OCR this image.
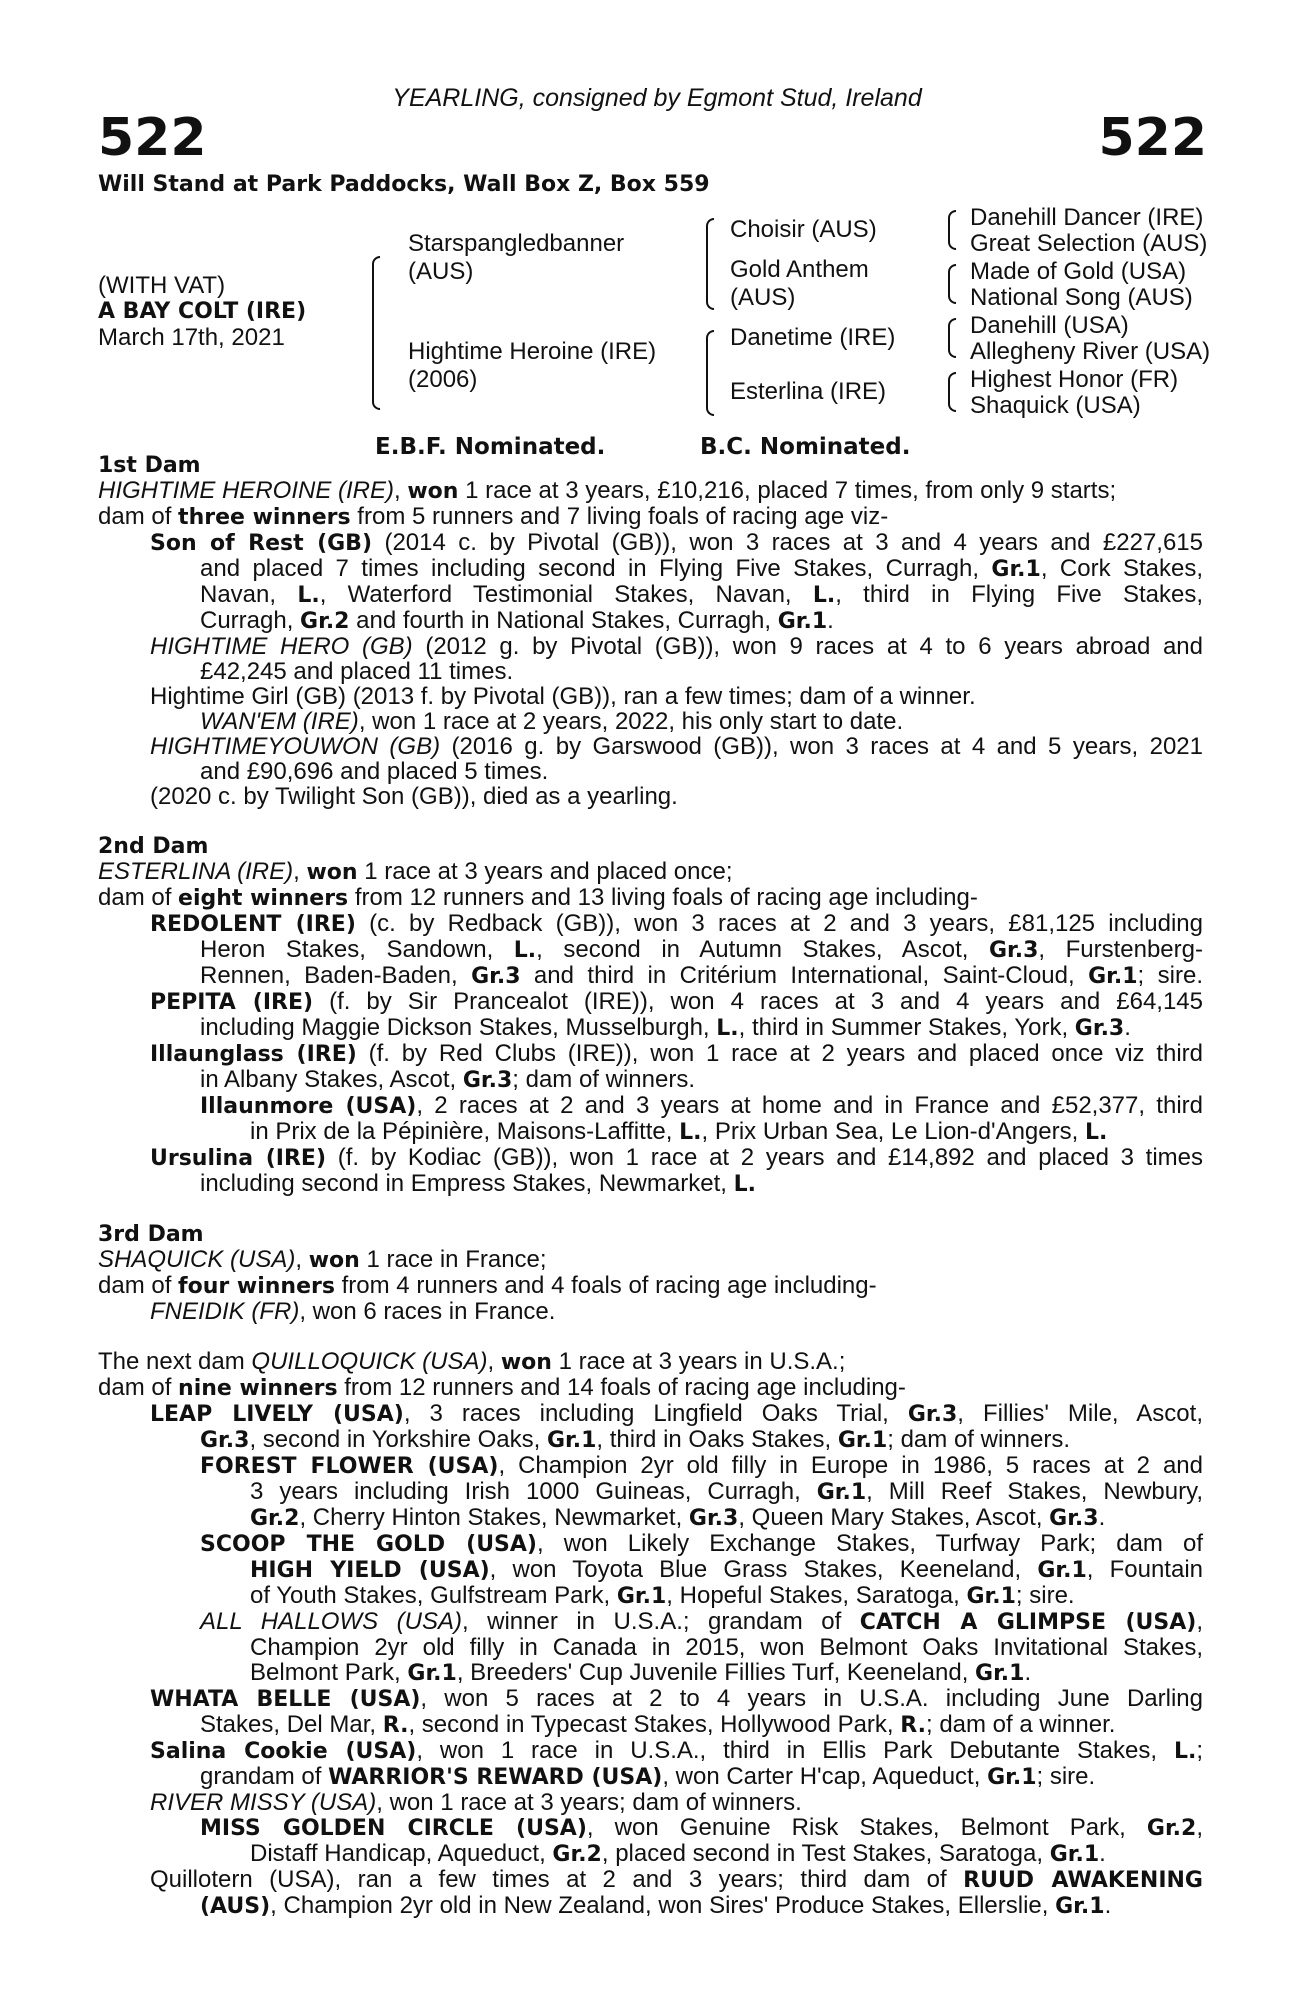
YEARLING, consigned by Egmont Stud, Ireland
522	522
Will Stand at Park Paddocks, Wall Box Z, Box 559
(WITH VAT)
A BAY COLT (IRE)
March 17th, 2021
Starspangledbanner
(AUS)
Hightime Heroine (IRE)
(2006)
Choisir (AUS)
Gold Anthem
(AUS)
Danetime (IRE)
Esterlina (IRE)
Danehill Dancer (IRE)
Great Selection (AUS)
Made of Gold (USA)
National Song (AUS)
Danehill (USA)
Allegheny River (USA)
Highest Honor (FR)
Shaquick (USA)
E.B.F. Nominated.	B.C. Nominated.
1st Dam
HIGHTIME HEROINE (IRE), won 1 race at 3 years, £10,216, placed 7 times, from only 9 starts;
dam of three winners from 5 runners and 7 living foals of racing age viz-
Son of Rest (GB) (2014 c. by Pivotal (GB)), won 3 races at 3 and 4 years and £227,615
and placed 7 times including second in Flying Five Stakes, Curragh, Gr.1, Cork Stakes,
Navan, L., Waterford Testimonial Stakes, Navan, L., third in Flying Five Stakes,
Curragh, Gr.2 and fourth in National Stakes, Curragh, Gr.1.
HIGHTIME HERO (GB) (2012 g. by Pivotal (GB)), won 9 races at 4 to 6 years abroad and
£42,245 and placed 11 times.
Hightime Girl (GB) (2013 f. by Pivotal (GB)), ran a few times; dam of a winner.
WAN'EM (IRE), won 1 race at 2 years, 2022, his only start to date.
HIGHTIMEYOUWON (GB) (2016 g. by Garswood (GB)), won 3 races at 4 and 5 years, 2021
and £90,696 and placed 5 times.
(2020 c. by Twilight Son (GB)), died as a yearling.
2nd Dam
ESTERLINA (IRE), won 1 race at 3 years and placed once;
dam of eight winners from 12 runners and 13 living foals of racing age including-
REDOLENT (IRE) (c. by Redback (GB)), won 3 races at 2 and 3 years, £81,125 including
Heron Stakes, Sandown, L., second in Autumn Stakes, Ascot, Gr.3, Furstenberg-
Rennen, Baden-Baden, Gr.3 and third in Critérium International, Saint-Cloud, Gr.1; sire.
PEPITA (IRE) (f. by Sir Prancealot (IRE)), won 4 races at 3 and 4 years and £64,145
including Maggie Dickson Stakes, Musselburgh, L., third in Summer Stakes, York, Gr.3.
Illaunglass (IRE) (f. by Red Clubs (IRE)), won 1 race at 2 years and placed once viz third
in Albany Stakes, Ascot, Gr.3; dam of winners.
Illaunmore (USA), 2 races at 2 and 3 years at home and in France and £52,377, third
in Prix de la Pépinière, Maisons-Laffitte, L., Prix Urban Sea, Le Lion-d'Angers, L.
Ursulina (IRE) (f. by Kodiac (GB)), won 1 race at 2 years and £14,892 and placed 3 times
including second in Empress Stakes, Newmarket, L.
3rd Dam
SHAQUICK (USA), won 1 race in France;
dam of four winners from 4 runners and 4 foals of racing age including-
FNEIDIK (FR), won 6 races in France.
The next dam QUILLOQUICK (USA), won 1 race at 3 years in U.S.A.;
dam of nine winners from 12 runners and 14 foals of racing age including-
LEAP LIVELY (USA), 3 races including Lingfield Oaks Trial, Gr.3, Fillies' Mile, Ascot,
Gr.3, second in Yorkshire Oaks, Gr.1, third in Oaks Stakes, Gr.1; dam of winners.
FOREST FLOWER (USA), Champion 2yr old filly in Europe in 1986, 5 races at 2 and
3 years including Irish 1000 Guineas, Curragh, Gr.1, Mill Reef Stakes, Newbury,
Gr.2, Cherry Hinton Stakes, Newmarket, Gr.3, Queen Mary Stakes, Ascot, Gr.3.
SCOOP THE GOLD (USA), won Likely Exchange Stakes, Turfway Park; dam of
HIGH YIELD (USA), won Toyota Blue Grass Stakes, Keeneland, Gr.1, Fountain
of Youth Stakes, Gulfstream Park, Gr.1, Hopeful Stakes, Saratoga, Gr.1; sire.
ALL HALLOWS (USA), winner in U.S.A.; grandam of CATCH A GLIMPSE (USA),
Champion 2yr old filly in Canada in 2015, won Belmont Oaks Invitational Stakes,
Belmont Park, Gr.1, Breeders' Cup Juvenile Fillies Turf, Keeneland, Gr.1.
WHATA BELLE (USA), won 5 races at 2 to 4 years in U.S.A. including June Darling
Stakes, Del Mar, R., second in Typecast Stakes, Hollywood Park, R.; dam of a winner.
Salina Cookie (USA), won 1 race in U.S.A., third in Ellis Park Debutante Stakes, L.;
grandam of WARRIOR'S REWARD (USA), won Carter H'cap, Aqueduct, Gr.1; sire.
RIVER MISSY (USA), won 1 race at 3 years; dam of winners.
MISS GOLDEN CIRCLE (USA), won Genuine Risk Stakes, Belmont Park, Gr.2,
Distaff Handicap, Aqueduct, Gr.2, placed second in Test Stakes, Saratoga, Gr.1.
Quillotern (USA), ran a few times at 2 and 3 years; third dam of RUUD AWAKENING
(AUS), Champion 2yr old in New Zealand, won Sires' Produce Stakes, Ellerslie, Gr.1.
